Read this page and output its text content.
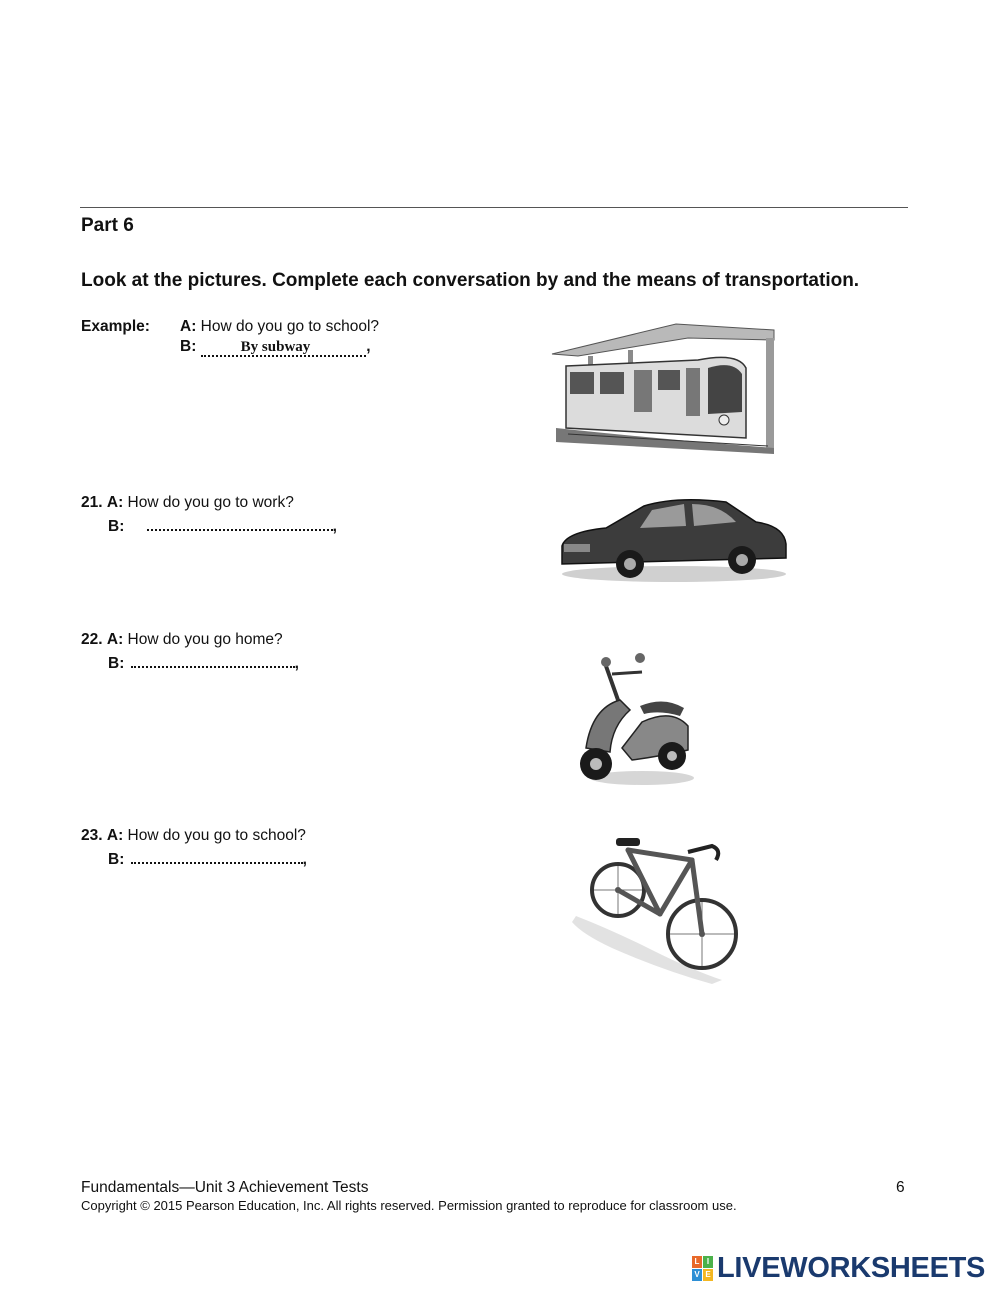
Part 6
Look at the pictures. Complete each conversation by and the means of transportation.
Example: A: How do you go to school?
B:	By subway	,
21. A: How do you go to work?
B:	,
22. A: How do you go home?
B:	,
23. A: How do you go to school?
B:	,
Fundamentals—Unit 3 Achievement Tests	6
Copyright © 2015 Pearson Education, Inc. All rights reserved. Permission granted to reproduce for classroom use.
L I
V E LIVEWORKSHEETS
